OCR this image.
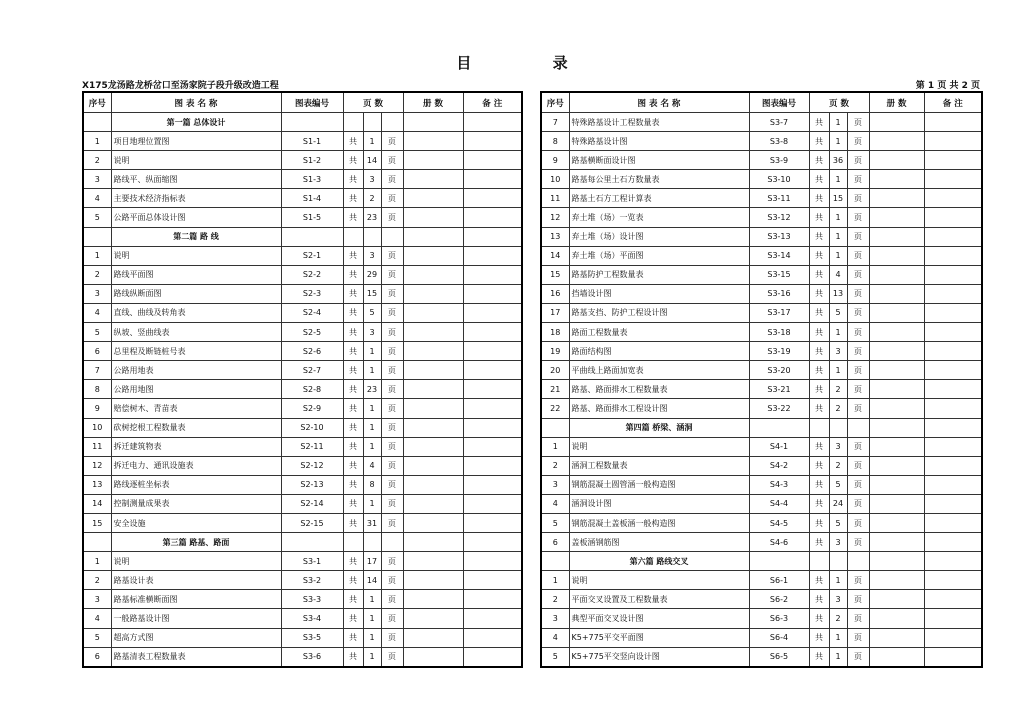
目 录
X175龙汤路龙桥岔口至汤家院子段升级改造工程	第 1 页 共 2 页
序号	图 表 名 称	图表编号	页 数			册 数	备 注
	第一篇 总体设计						
1	项目地理位置图	S1-1	共	1	页		
2	说明	S1-2	共	14	页		
3	路线平、纵面缩图	S1-3	共	3	页		
4	主要技术经济指标表	S1-4	共	2	页		
5	公路平面总体设计图	S1-5	共	23	页		
	第二篇 路 线						
1	说明	S2-1	共	3	页		
2	路线平面图	S2-2	共	29	页		
3	路线纵断面图	S2-3	共	15	页		
4	直线、曲线及转角表	S2-4	共	5	页		
5	纵坡、竖曲线表	S2-5	共	3	页		
6	总里程及断链桩号表	S2-6	共	1	页		
7	公路用地表	S2-7	共	1	页		
8	公路用地图	S2-8	共	23	页		
9	赔偿树木、青苗表	S2-9	共	1	页		
10	砍树挖根工程数量表	S2-10	共	1	页		
11	拆迁建筑物表	S2-11	共	1	页		
12	拆迁电力、通讯设施表	S2-12	共	4	页		
13	路线逐桩坐标表	S2-13	共	8	页		
14	控制测量成果表	S2-14	共	1	页		
15	安全设施	S2-15	共	31	页		
	第三篇 路基、路面						
1	说明	S3-1	共	17	页		
2	路基设计表	S3-2	共	14	页		
3	路基标准横断面图	S3-3	共	1	页		
4	一般路基设计图	S3-4	共	1	页		
5	超高方式图	S3-5	共	1	页		
6	路基清表工程数量表	S3-6	共	1	页		
序号	图 表 名 称	图表编号	页 数			册 数	备 注
7	特殊路基设计工程数量表	S3-7	共	1	页		
8	特殊路基设计图	S3-8	共	1	页		
9	路基横断面设计图	S3-9	共	36	页		
10	路基每公里土石方数量表	S3-10	共	1	页		
11	路基土石方工程计算表	S3-11	共	15	页		
12	弃土堆（场）一览表	S3-12	共	1	页		
13	弃土堆（场）设计图	S3-13	共	1	页		
14	弃土堆（场）平面图	S3-14	共	1	页		
15	路基防护工程数量表	S3-15	共	4	页		
16	挡墙设计图	S3-16	共	13	页		
17	路基支挡、防护工程设计图	S3-17	共	5	页		
18	路面工程数量表	S3-18	共	1	页		
19	路面结构图	S3-19	共	3	页		
20	平曲线上路面加宽表	S3-20	共	1	页		
21	路基、路面排水工程数量表	S3-21	共	2	页		
22	路基、路面排水工程设计图	S3-22	共	2	页		
	第四篇 桥梁、涵洞						
1	说明	S4-1	共	3	页		
2	涵洞工程数量表	S4-2	共	2	页		
3	钢筋混凝土圆管涵一般构造图	S4-3	共	5	页		
4	涵洞设计图	S4-4	共	24	页		
5	钢筋混凝土盖板涵一般构造图	S4-5	共	5	页		
6	盖板涵钢筋图	S4-6	共	3	页		
	第六篇 路线交叉						
1	说明	S6-1	共	1	页		
2	平面交叉设置及工程数量表	S6-2	共	3	页		
3	典型平面交叉设计图	S6-3	共	2	页		
4	K5+775平交平面图	S6-4	共	1	页		
5	K5+775平交竖向设计图	S6-5	共	1	页		
